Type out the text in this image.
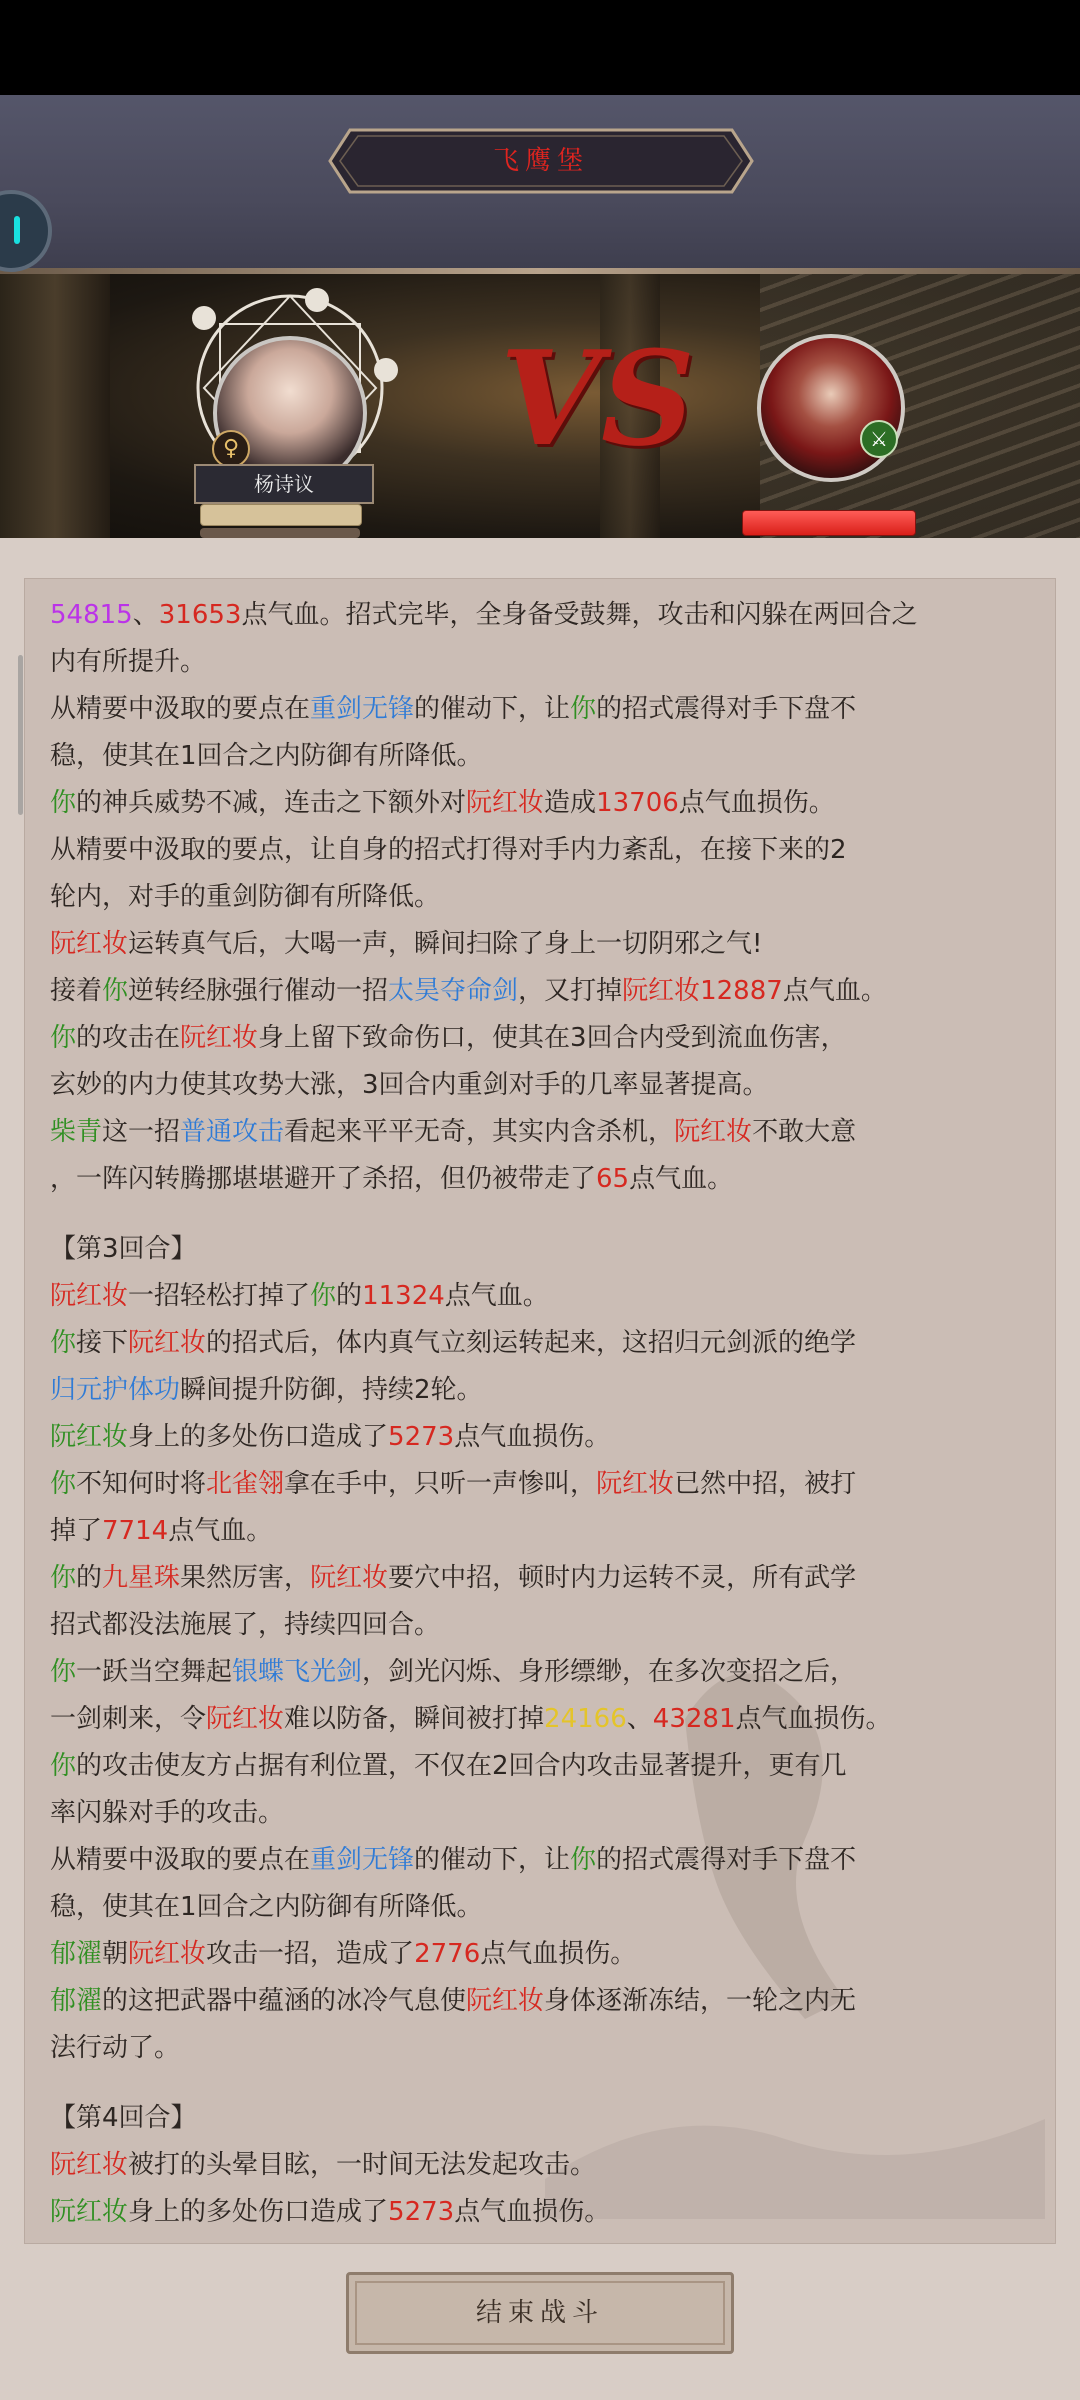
飞鹰堡
♀
杨诗议
VS	⚔

54815、31653点气血。招式完毕，全身备受鼓舞，攻击和闪躲在两回合之

内有所提升。

从精要中汲取的要点在重剑无锋的催动下，让你的招式震得对手下盘不

稳，使其在1回合之内防御有所降低。

你的神兵威势不减，连击之下额外对阮红妆造成13706点气血损伤。

从精要中汲取的要点，让自身的招式打得对手内力紊乱，在接下来的2

轮内，对手的重剑防御有所降低。

阮红妆运转真气后，大喝一声，瞬间扫除了身上一切阴邪之气!

接着你逆转经脉强行催动一招太昊夺命剑，又打掉阮红妆12887点气血。

你的攻击在阮红妆身上留下致命伤口，使其在3回合内受到流血伤害，

玄妙的内力使其攻势大涨，3回合内重剑对手的几率显著提高。

柴青这一招普通攻击看起来平平无奇，其实内含杀机，阮红妆不敢大意

，一阵闪转腾挪堪堪避开了杀招，但仍被带走了65点气血。

【第3回合】

阮红妆一招轻松打掉了你的11324点气血。

你接下阮红妆的招式后，体内真气立刻运转起来，这招归元剑派的绝学

归元护体功瞬间提升防御，持续2轮。

阮红妆身上的多处伤口造成了5273点气血损伤。

你不知何时将北雀翎拿在手中，只听一声惨叫，阮红妆已然中招，被打

掉了7714点气血。

你的九星珠果然厉害，阮红妆要穴中招，顿时内力运转不灵，所有武学

招式都没法施展了，持续四回合。

你一跃当空舞起银蝶飞光剑，剑光闪烁、身形缥缈，在多次变招之后，

一剑刺来，令阮红妆难以防备，瞬间被打掉24166、43281点气血损伤。

你的攻击使友方占据有利位置，不仅在2回合内攻击显著提升，更有几

率闪躲对手的攻击。

从精要中汲取的要点在重剑无锋的催动下，让你的招式震得对手下盘不

稳，使其在1回合之内防御有所降低。

郁濯朝阮红妆攻击一招，造成了2776点气血损伤。

郁濯的这把武器中蕴涵的冰冷气息使阮红妆身体逐渐冻结，一轮之内无

法行动了。

【第4回合】

阮红妆被打的头晕目眩，一时间无法发起攻击。

阮红妆身上的多处伤口造成了5273点气血损伤。

结束战斗
